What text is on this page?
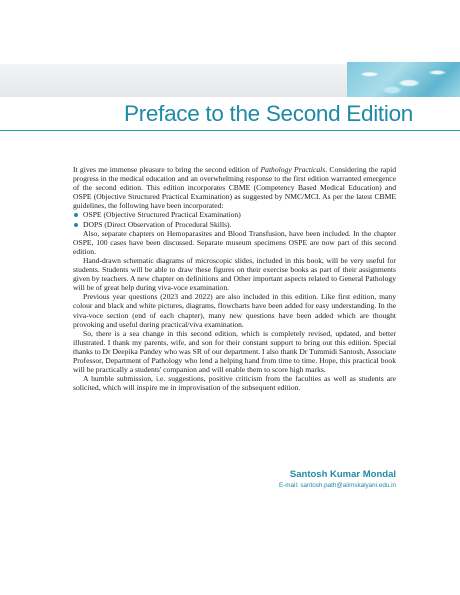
Preface to the Second Edition

It gives me immense pleasure to bring the second edition of Pathology Practicals. Considering the rapid progress in the medical education and an overwhelming response to the first edition warranted emergence of the second edition. This edition incorporates CBME (Competency Based Medical Education) and OSPE (Objective Structured Practical Examination) as suggested by NMC/MCI. As per the latest CBME guidelines, the following have been incorporated:

OSPE (Objective Structured Practical Examination)
DOPS (Direct Observation of Procedural Skills).

Also, separate chapters on Hemoparasites and Blood Transfusion, have been included. In the chapter OSPE, 100 cases have been discussed. Separate museum specimens OSPE are now part of this second edition.

Hand-drawn schematic diagrams of microscopic slides, included in this book, will be very useful for students. Students will be able to draw these figures on their exercise books as part of their assignments given by teachers. A new chapter on definitions and Other important aspects related to General Pathology will be of great help during viva-voce examination.

Previous year questions (2023 and 2022) are also included in this edition. Like first edition, many colour and black and white pictures, diagrams, flowcharts have been added for easy understanding. In the viva-voce section (end of each chapter), many new questions have been added which are thought provoking and useful during practical/viva examination.

So, there is a sea change in this second edition, which is completely revised, updated, and better illustrated. I thank my parents, wife, and son for their constant support to bring out this edition. Special thanks to Dr Deepika Pandey who was SR of our department. I also thank Dr Tummidi Santosh, Associate Professor, Department of Pathology who lend a helping hand from time to time. Hope, this practical book will be practically a students' companion and will enable them to score high marks.

A humble submission, i.e. suggestions, positive criticism from the faculties as well as students are solicited, which will inspire me in improvisation of the subsequent edition.

Santosh Kumar Mondal
E-mail: santosh.path@aiimskalyani.edu.in
